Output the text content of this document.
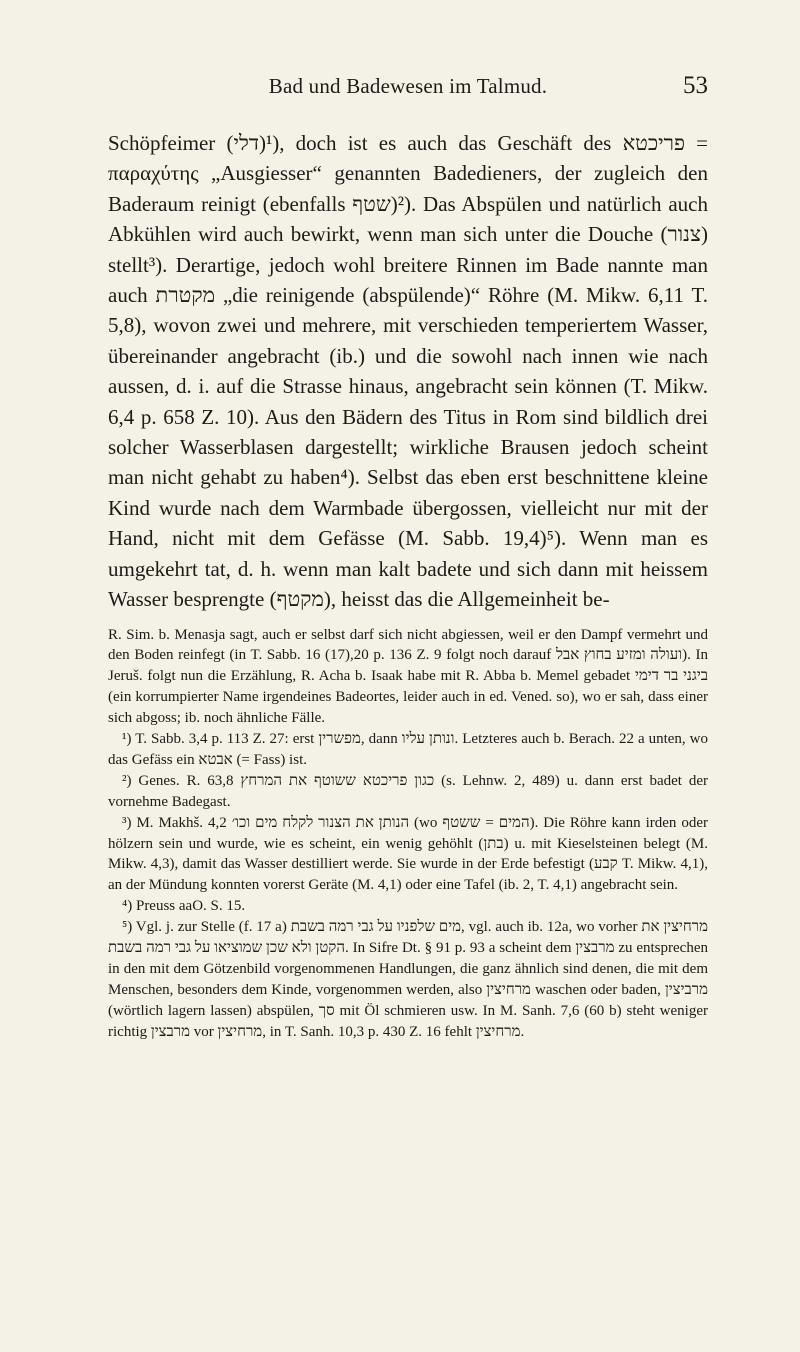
Bad und Badewesen im Talmud.	53

Schöpfeimer (דלי)¹), doch ist es auch das Geschäft des פריכטא = παραχύτης „Ausgiesser“ genannten Badedieners, der zugleich den Baderaum reinigt (ebenfalls שטף)²). Das Abspülen und natürlich auch Abkühlen wird auch bewirkt, wenn man sich unter die Douche (צנור) stellt³). Derartige, jedoch wohl breitere Rinnen im Bade nannte man auch מקטרת „die reinigende (abspülende)“ Röhre (M. Mikw. 6,11 T. 5,8), wovon zwei und mehrere, mit verschieden temperiertem Wasser, übereinander angebracht (ib.) und die sowohl nach innen wie nach aussen, d. i. auf die Strasse hinaus, angebracht sein können (T. Mikw. 6,4 p. 658 Z. 10). Aus den Bädern des Titus in Rom sind bildlich drei solcher Wasserblasen dargestellt; wirkliche Brausen jedoch scheint man nicht gehabt zu haben⁴). Selbst das eben erst beschnittene kleine Kind wurde nach dem Warmbade übergossen, vielleicht nur mit der Hand, nicht mit dem Gefässe (M. Sabb. 19,4)⁵). Wenn man es umgekehrt tat, d. h. wenn man kalt badete und sich dann mit heissem Wasser besprengte (מקטף), heisst das die Allgemeinheit be-

R. Sim. b. Menasja sagt, auch er selbst darf sich nicht abgiessen, weil er den Dampf vermehrt und den Boden reinfegt (in T. Sabb. 16 (17),20 p. 136 Z. 9 folgt noch darauf ועולה ומזיע בחוץ אבל). In Jeruš. folgt nun die Erzählung, R. Acha b. Isaak habe mit R. Abba b. Memel gebadet ביגני בר דימי (ein korrumpierter Name irgendeines Badeortes, leider auch in ed. Vened. so), wo er sah, dass einer sich abgoss; ib. noch ähnliche Fälle.

¹) T. Sabb. 3,4 p. 113 Z. 27: erst מפשרין, dann ונותן עליו. Letzteres auch b. Berach. 22 a unten, wo das Gefäss ein אבטא (= Fass) ist.

²) Genes. R. 63,8 כגון פריכטא ששוטף את המרחץ (s. Lehnw. 2, 489) u. dann erst badet der vornehme Badegast.

³) M. Makhš. 4,2 הנותן את הצנור לקלח מים וכו׳ (wo המים = ששטף). Die Röhre kann irden oder hölzern sein und wurde, wie es scheint, ein wenig gehöhlt (בתן) u. mit Kieselsteinen belegt (M. Mikw. 4,3), damit das Wasser destilliert werde. Sie wurde in der Erde befestigt (קבע T. Mikw. 4,1), an der Mündung konnten vorerst Geräte (M. 4,1) oder eine Tafel (ib. 2, T. 4,1) angebracht sein.

⁴) Preuss aaO. S. 15.

⁵) Vgl. j. zur Stelle (f. 17 a) מים שלפניו על גבי רמה בשבת, vgl. auch ib. 12a, wo vorher מרחיצין את הקטן ולא שכן שמוציאו על גבי רמה בשבת. In Sifre Dt. § 91 p. 93 a scheint dem מרבצין zu entsprechen in den mit dem Götzenbild vorgenommenen Handlungen, die ganz ähnlich sind denen, die mit dem Menschen, besonders dem Kinde, vorgenommen werden, also מרחיצין waschen oder baden, מרביצין (wörtlich lagern lassen) abspülen, סך mit Öl schmieren usw. In M. Sanh. 7,6 (60 b) steht weniger richtig מרבצין vor מרחיצין, in T. Sanh. 10,3 p. 430 Z. 16 fehlt מרחיצין.
